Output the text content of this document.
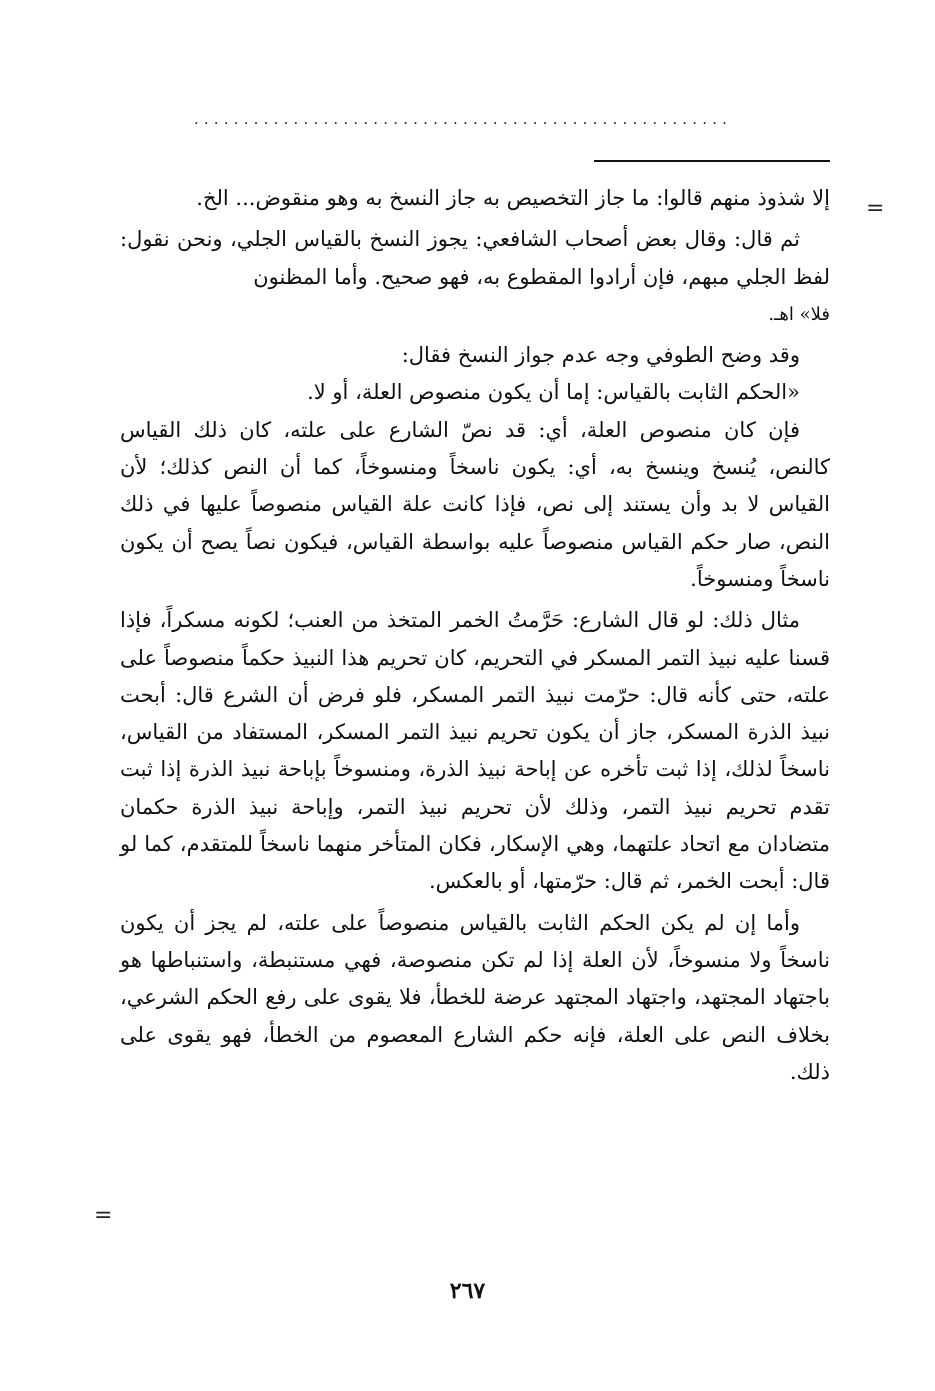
......................................................
=
=

إلا شذوذ منهم قالوا: ما جاز التخصيص به جاز النسخ به وهو منقوض... الخ.

ثم قال: وقال بعض أصحاب الشافعي: يجوز النسخ بالقياس الجلي، ونحن نقول: لفظ الجلي مبهم، فإن أرادوا المقطوع به، فهو صحيح. وأما المظنون

فلا» اهـ.

وقد وضح الطوفي وجه عدم جواز النسخ فقال:

«الحكم الثابت بالقياس: إما أن يكون منصوص العلة، أو لا.

فإن كان منصوص العلة، أي: قد نصّ الشارع على علته، كان ذلك القياس كالنص، يُنسخ وينسخ به، أي: يكون ناسخاً ومنسوخاً، كما أن النص كذلك؛ لأن القياس لا بد وأن يستند إلى نص، فإذا كانت علة القياس منصوصاً عليها في ذلك النص، صار حكم القياس منصوصاً عليه بواسطة القياس، فيكون نصاً يصح أن يكون ناسخاً ومنسوخاً.

مثال ذلك: لو قال الشارع: حَرَّمتُ الخمر المتخذ من العنب؛ لكونه مسكراً، فإذا قسنا عليه نبيذ التمر المسكر في التحريم، كان تحريم هذا النبيذ حكماً منصوصاً على علته، حتى كأنه قال: حرّمت نبيذ التمر المسكر، فلو فرض أن الشرع قال: أبحت نبيذ الذرة المسكر، جاز أن يكون تحريم نبيذ التمر المسكر، المستفاد من القياس، ناسخاً لذلك، إذا ثبت تأخره عن إباحة نبيذ الذرة، ومنسوخاً بإباحة نبيذ الذرة إذا ثبت تقدم تحريم نبيذ التمر، وذلك لأن تحريم نبيذ التمر، وإباحة نبيذ الذرة حكمان متضادان مع اتحاد علتهما، وهي الإسكار، فكان المتأخر منهما ناسخاً للمتقدم، كما لو قال: أبحت الخمر، ثم قال: حرّمتها، أو بالعكس.

وأما إن لم يكن الحكم الثابت بالقياس منصوصاً على علته، لم يجز أن يكون ناسخاً ولا منسوخاً، لأن العلة إذا لم تكن منصوصة، فهي مستنبطة، واستنباطها هو باجتهاد المجتهد، واجتهاد المجتهد عرضة للخطأ، فلا يقوى على رفع الحكم الشرعي، بخلاف النص على العلة، فإنه حكم الشارع المعصوم من الخطأ، فهو يقوى على ذلك.

٢٦٧
